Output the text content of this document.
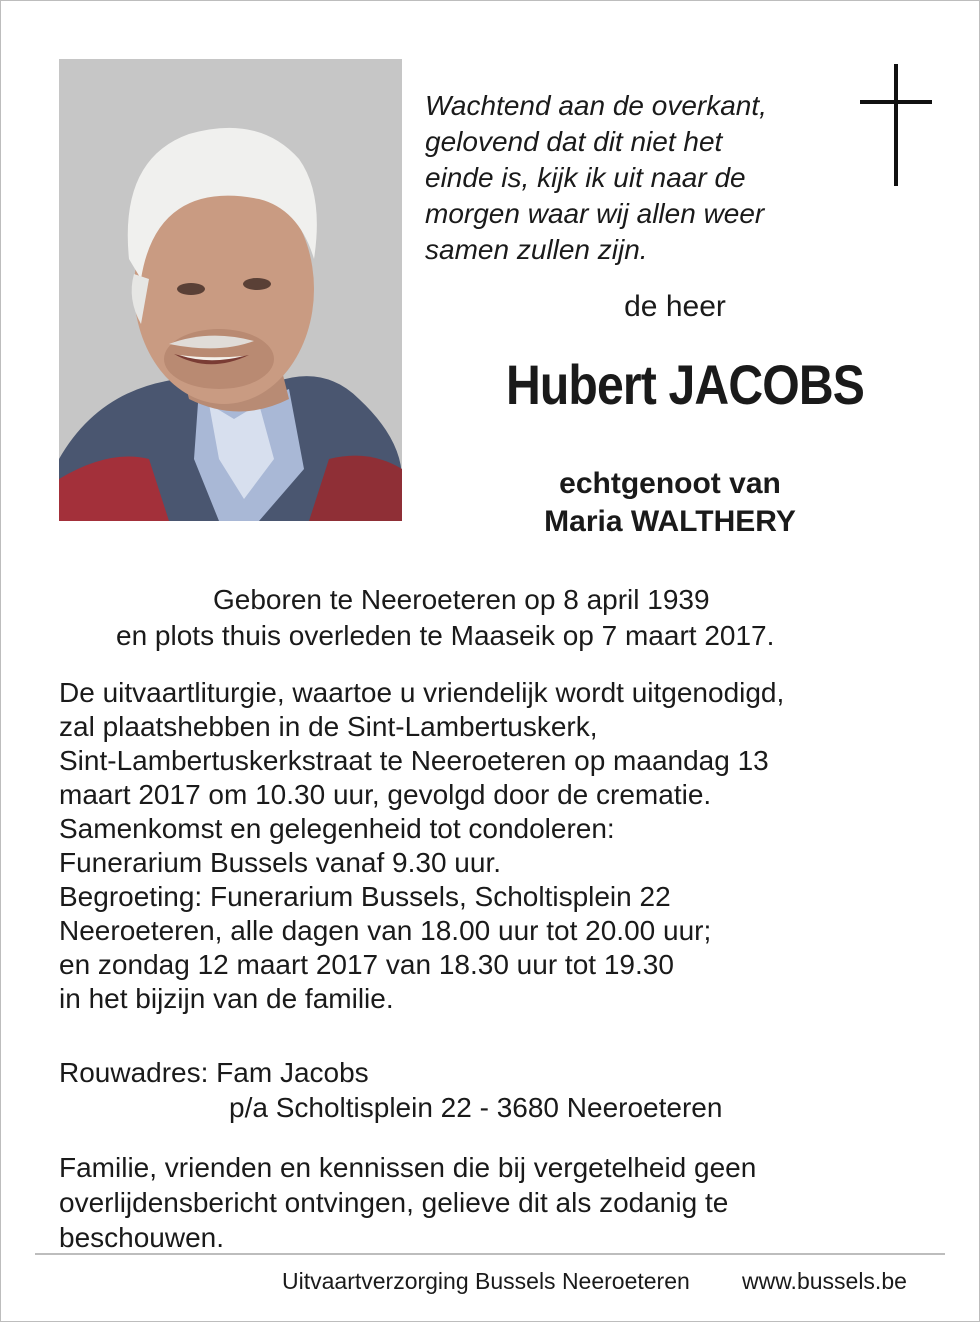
Wachtend aan de overkant,
gelovend dat dit niet het
einde is, kijk ik uit naar de
morgen waar wij allen weer
samen zullen zijn.
de heer
Hubert JACOBS
echtgenoot van
Maria WALTHERY
Geboren te Neeroeteren op 8 april 1939
en plots thuis overleden te Maaseik op 7 maart 2017.
De uitvaartliturgie, waartoe u vriendelijk wordt uitgenodigd,
zal plaatshebben in de Sint-Lambertuskerk,
Sint-Lambertuskerkstraat te Neeroeteren op maandag 13
maart 2017 om 10.30 uur, gevolgd door de crematie.
Samenkomst en gelegenheid tot condoleren:
Funerarium Bussels vanaf 9.30 uur.
Begroeting: Funerarium Bussels, Scholtisplein 22
Neeroeteren, alle dagen van 18.00 uur tot 20.00 uur;
en zondag 12 maart 2017 van 18.30 uur tot 19.30
in het bijzijn van de familie.
Rouwadres: Fam Jacobs
p/a Scholtisplein 22 - 3680 Neeroeteren
Familie, vrienden en kennissen die bij vergetelheid geen
overlijdensbericht ontvingen, gelieve dit als zodanig te
beschouwen.
Uitvaartverzorging Bussels Neeroeteren www.bussels.be
